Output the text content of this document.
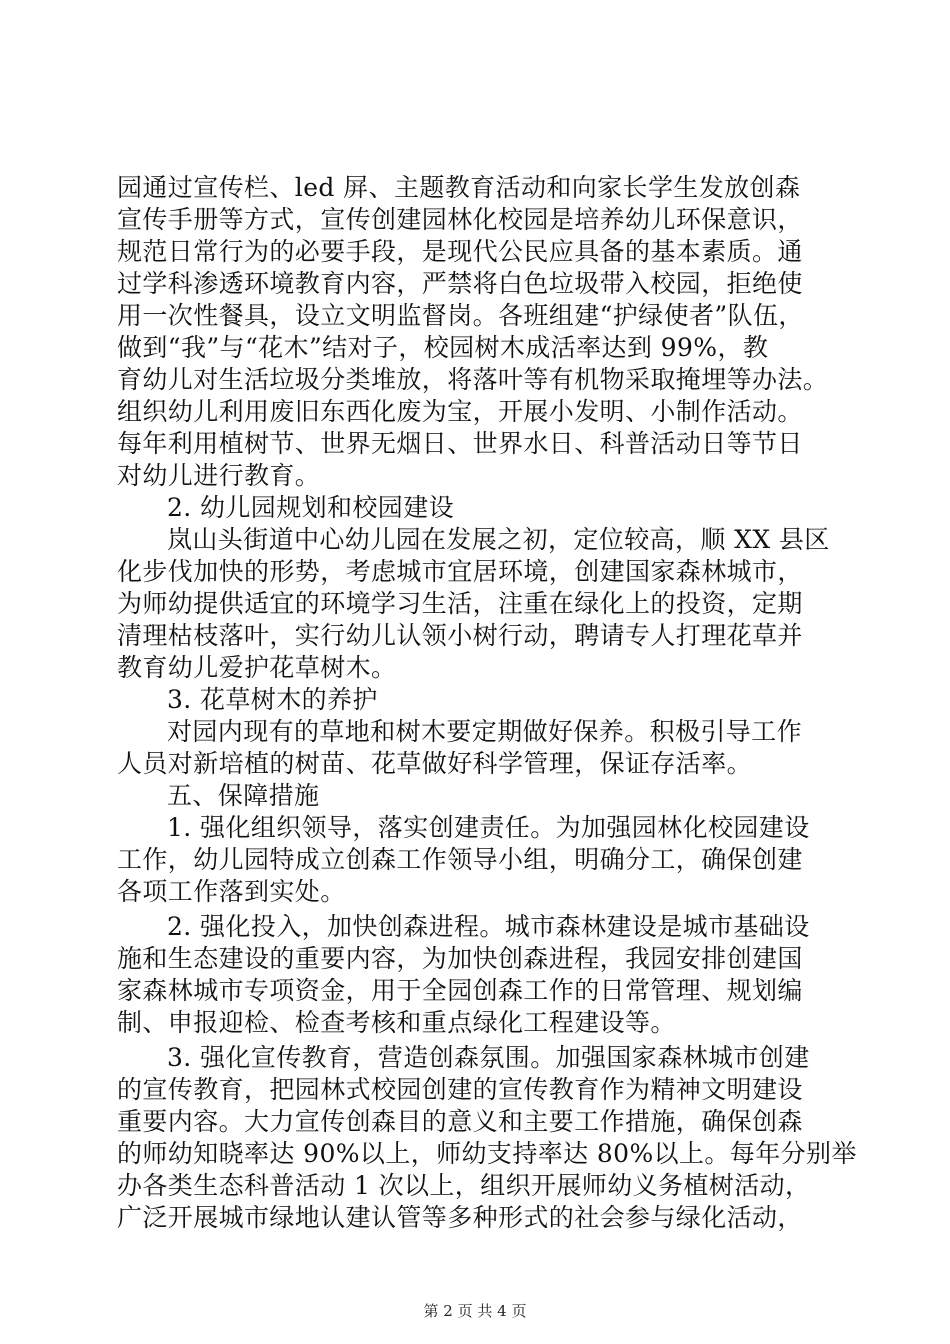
园通过宣传栏、led 屏、主题教育活动和向家长学生发放创森
宣传手册等方式，宣传创建园林化校园是培养幼儿环保意识，
规范日常行为的必要手段，是现代公民应具备的基本素质。通
过学科渗透环境教育内容，严禁将白色垃圾带入校园，拒绝使
用一次性餐具，设立文明监督岗。各班组建“护绿使者”队伍，
做到“我”与“花木”结对子，校园树木成活率达到 99%，教
育幼儿对生活垃圾分类堆放，将落叶等有机物采取掩埋等办法。
组织幼儿利用废旧东西化废为宝，开展小发明、小制作活动。
每年利用植树节、世界无烟日、世界水日、科普活动日等节日
对幼儿进行教育。
2. 幼儿园规划和校园建设
岚山头街道中心幼儿园在发展之初，定位较高，顺 XX 县区
化步伐加快的形势，考虑城市宜居环境，创建国家森林城市，
为师幼提供适宜的环境学习生活，注重在绿化上的投资，定期
清理枯枝落叶，实行幼儿认领小树行动，聘请专人打理花草并
教育幼儿爱护花草树木。
3. 花草树木的养护
对园内现有的草地和树木要定期做好保养。积极引导工作
人员对新培植的树苗、花草做好科学管理，保证存活率。
五、保障措施
1. 强化组织领导，落实创建责任。为加强园林化校园建设
工作，幼儿园特成立创森工作领导小组，明确分工，确保创建
各项工作落到实处。
2. 强化投入，加快创森进程。城市森林建设是城市基础设
施和生态建设的重要内容，为加快创森进程，我园安排创建国
家森林城市专项资金，用于全园创森工作的日常管理、规划编
制、申报迎检、检查考核和重点绿化工程建设等。
3. 强化宣传教育，营造创森氛围。加强国家森林城市创建
的宣传教育，把园林式校园创建的宣传教育作为精神文明建设
重要内容。大力宣传创森目的意义和主要工作措施，确保创森
的师幼知晓率达 90%以上，师幼支持率达 80%以上。每年分别举
办各类生态科普活动 1 次以上，组织开展师幼义务植树活动，
广泛开展城市绿地认建认管等多种形式的社会参与绿化活动，
第 2 页 共 4 页
